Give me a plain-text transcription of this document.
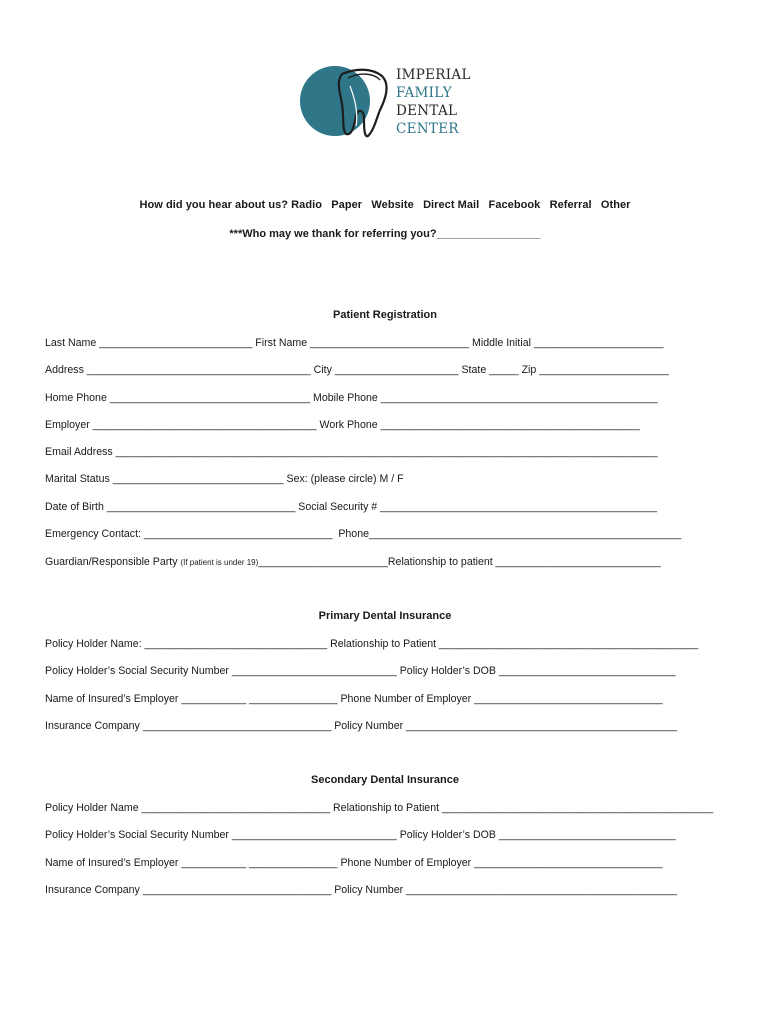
IMPERIAL
FAMILY
DENTAL
CENTER
How did you hear about us? Radio   Paper   Website   Direct Mail   Facebook   Referral   Other
***Who may we thank for referring you?_________________
Patient Registration
Last Name __________________________ First Name ___________________________ Middle Initial ______________________
Address ______________________________________ City _____________________ State _____ Zip ______________________
Home Phone __________________________________ Mobile Phone _______________________________________________
Employer ______________________________________ Work Phone ____________________________________________
Email Address ____________________________________________________________________________________________
Marital Status _____________________________ Sex: (please circle) M / F
Date of Birth ________________________________ Social Security # _______________________________________________
Emergency Contact: ________________________________  Phone_____________________________________________________
Guardian/Responsible Party (If patient is under 19)______________________Relationship to patient ____________________________
Primary Dental Insurance
Policy Holder Name: _______________________________ Relationship to Patient ____________________________________________
Policy Holder’s Social Security Number ____________________________ Policy Holder’s DOB ______________________________
Name of Insured’s Employer ___________ _______________ Phone Number of Employer ________________________________
Insurance Company ________________________________ Policy Number ______________________________________________
Secondary Dental Insurance
Policy Holder Name ________________________________ Relationship to Patient ______________________________________________
Policy Holder’s Social Security Number ____________________________ Policy Holder’s DOB ______________________________
Name of Insured’s Employer ___________ _______________ Phone Number of Employer ________________________________
Insurance Company ________________________________ Policy Number ______________________________________________
